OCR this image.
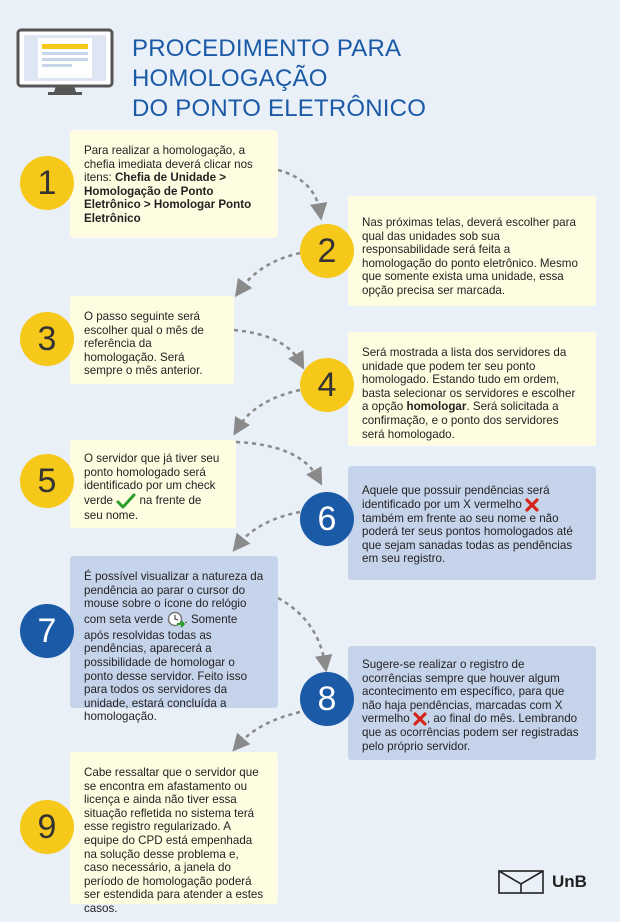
PROCEDIMENTO PARA HOMOLOGAÇÃO
DO PONTO ELETRÔNICO
Para realizar a homologação, a chefia imediata deverá clicar nos itens: Chefia de Unidade > Homologação de Ponto Eletrônico > Homologar Ponto Eletrônico
1
Nas próximas telas, deverá escolher para qual das unidades sob sua responsabilidade será feita a homologação do ponto eletrônico. Mesmo que somente exista uma unidade, essa opção precisa ser marcada.
2
O passo seguinte será escolher qual o mês de referência da homologação. Será sempre o mês anterior.
3	Será mostrada a lista dos servidores da unidade que podem ter seu ponto homologado. Estando tudo em ordem, basta selecionar os servidores e escolher a opção homologar. Será solicitada a confirmação, e o ponto dos servidores será homologado.
4
O servidor que já tiver seu ponto homologado será identificado por um check verde na frente de seu nome.
5	Aquele que possuir pendências será identificado por um X vermelho  também em frente ao seu nome e não poderá ter seus pontos homologados até que sejam sanadas todas as pendências em seu registro.
6
É possível visualizar a natureza da pendência ao parar o cursor do mouse sobre o ícone do relógio com seta verde . Somente após resolvidas todas as pendências, aparecerá a possibilidade de homologar o ponto desse servidor. Feito isso para todos os servidores da unidade, estará concluída a homologação.
7
Sugere-se realizar o registro de ocorrências sempre que houver algum acontecimento em específico, para que não haja pendências, marcadas com X vermelho , ao final do mês. Lembrando que as ocorrências podem ser registradas pelo próprio servidor.
8
Cabe ressaltar que o servidor que se encontra em afastamento ou licença e ainda não tiver essa situação refletida no sistema terá esse registro regularizado. A equipe do CPD está empenhada na solução desse problema e, caso necessário, a janela do período de homologação poderá ser estendida para atender a estes casos.
9
UnB
